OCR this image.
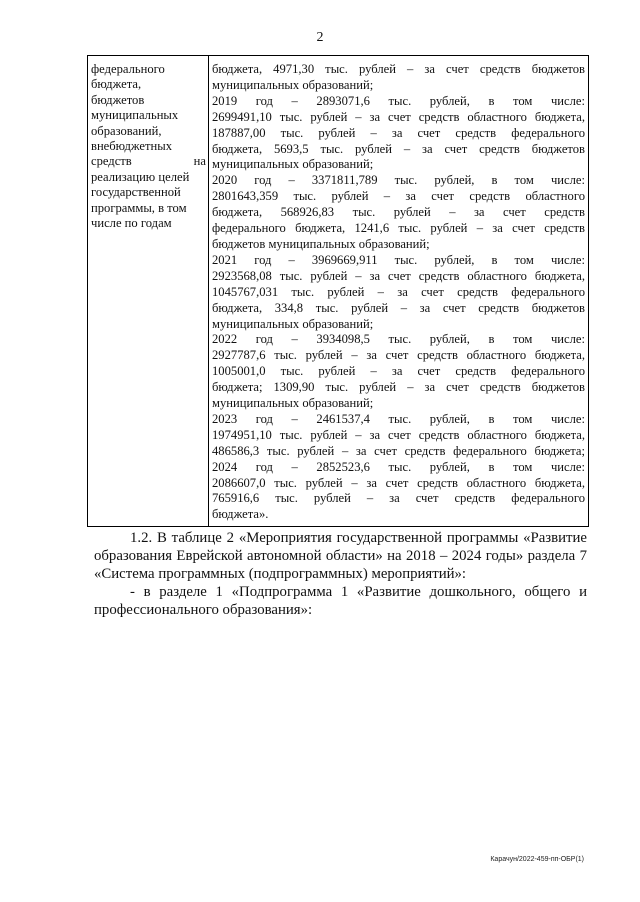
2
федерального
бюджета,
бюджетов
муниципальных
образований,
внебюджетных
средств	на
реализацию целей
государственной
программы, в том
числе по годам
бюджета, 4971,30 тыс. рублей – за счет средств бюджетов
муниципальных образований;
2019 год – 2893071,6 тыс. рублей, в том числе:
2699491,10 тыс. рублей – за счет средств областного бюджета,
187887,00 тыс. рублей – за счет средств федерального
бюджета, 5693,5 тыс. рублей – за счет средств бюджетов
муниципальных образований;
2020 год – 3371811,789 тыс. рублей, в том числе:
2801643,359 тыс. рублей – за счет средств областного
бюджета, 568926,83 тыс. рублей – за счет средств
федерального бюджета, 1241,6 тыс. рублей – за счет средств
бюджетов муниципальных образований;
2021 год – 3969669,911 тыс. рублей, в том числе:
2923568,08 тыс. рублей – за счет средств областного бюджета,
1045767,031 тыс. рублей – за счет средств федерального
бюджета, 334,8 тыс. рублей – за счет средств бюджетов
муниципальных образований;
2022 год – 3934098,5 тыс. рублей, в том числе:
2927787,6 тыс. рублей – за счет средств областного бюджета,
1005001,0 тыс. рублей – за счет средств федерального
бюджета; 1309,90 тыс. рублей – за счет средств бюджетов
муниципальных образований;
2023 год – 2461537,4 тыс. рублей, в том числе:
1974951,10 тыс. рублей – за счет средств областного бюджета,
486586,3 тыс. рублей – за счет средств федерального бюджета;
2024 год – 2852523,6 тыс. рублей, в том числе:
2086607,0 тыс. рублей – за счет средств областного бюджета,
765916,6 тыс. рублей – за счет средств федерального
бюджета».
1.2. В таблице 2 «Мероприятия государственной программы «Развитие
образования Еврейской автономной области» на 2018 – 2024 годы» раздела 7
«Система программных (подпрограммных) мероприятий»:
- в разделе 1 «Подпрограмма 1 «Развитие дошкольного, общего и
профессионального образования»:
Карачун/2022-459-пп-ОБР(1)
